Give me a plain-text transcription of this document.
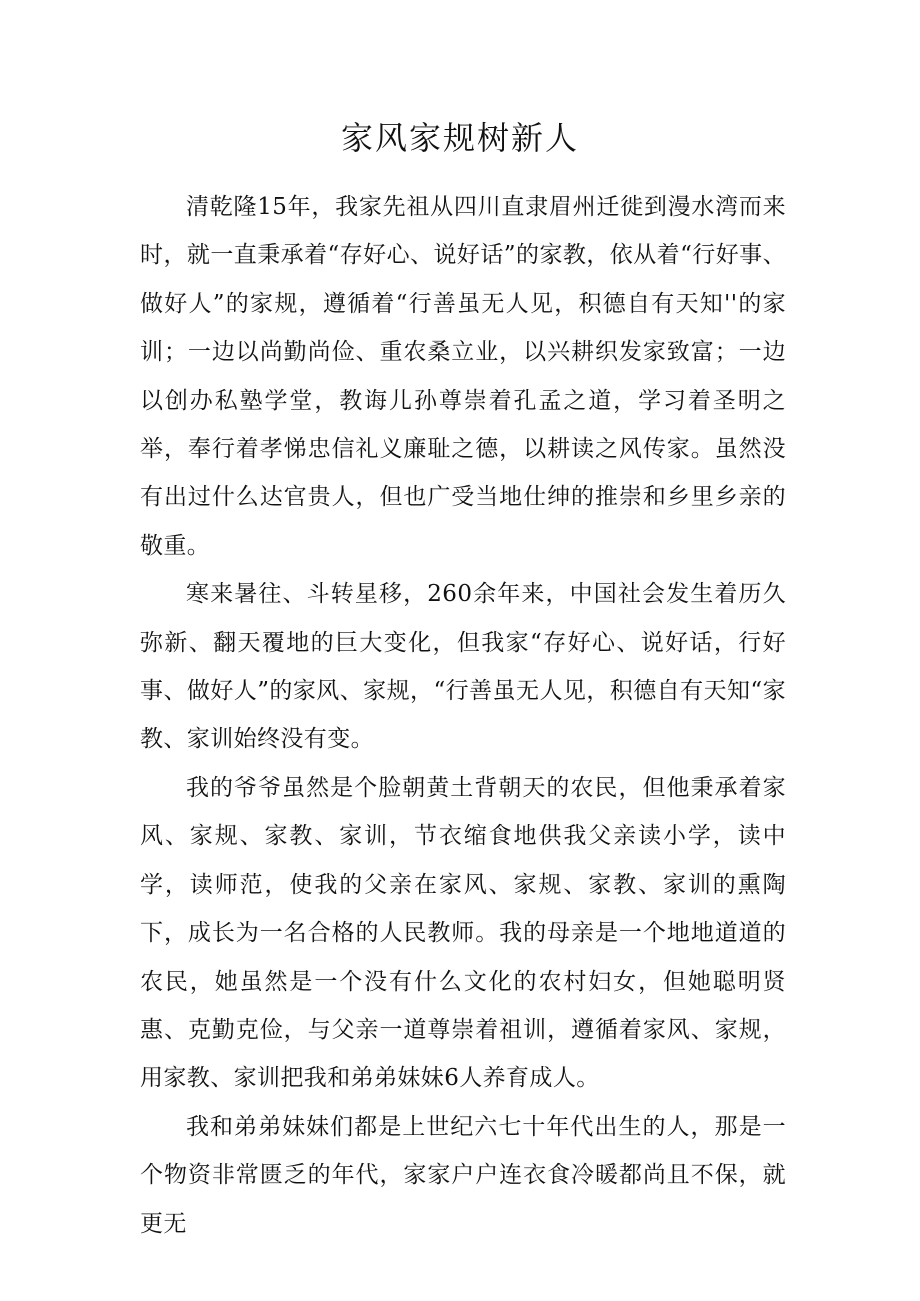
家风家规树新人

清乾隆15年，我家先祖从四川直隶眉州迁徙到漫水湾而来时，就一直秉承着“存好心、说好话”的家教，依从着“行好事、做好人”的家规，遵循着“行善虽无人见，积德自有天知''的家训；一边以尚勤尚俭、重农桑立业，以兴耕织发家致富；一边以创办私塾学堂，教诲儿孙尊崇着孔孟之道，学习着圣明之举，奉行着孝悌忠信礼义廉耻之德，以耕读之风传家。虽然没有出过什么达官贵人，但也广受当地仕绅的推崇和乡里乡亲的敬重。

寒来暑往、斗转星移，260余年来，中国社会发生着历久弥新、翻天覆地的巨大变化，但我家“存好心、说好话，行好事、做好人”的家风、家规，“行善虽无人见，积德自有天知“家教、家训始终没有变。

我的爷爷虽然是个脸朝黄土背朝天的农民，但他秉承着家风、家规、家教、家训，节衣缩食地供我父亲读小学，读中学，读师范，使我的父亲在家风、家规、家教、家训的熏陶下，成长为一名合格的人民教师。我的母亲是一个地地道道的农民，她虽然是一个没有什么文化的农村妇女，但她聪明贤惠、克勤克俭，与父亲一道尊崇着祖训，遵循着家风、家规，用家教、家训把我和弟弟妹妹6人养育成人。

我和弟弟妹妹们都是上世纪六七十年代出生的人，那是一个物资非常匮乏的年代，家家户户连衣食冷暖都尚且不保，就更无
